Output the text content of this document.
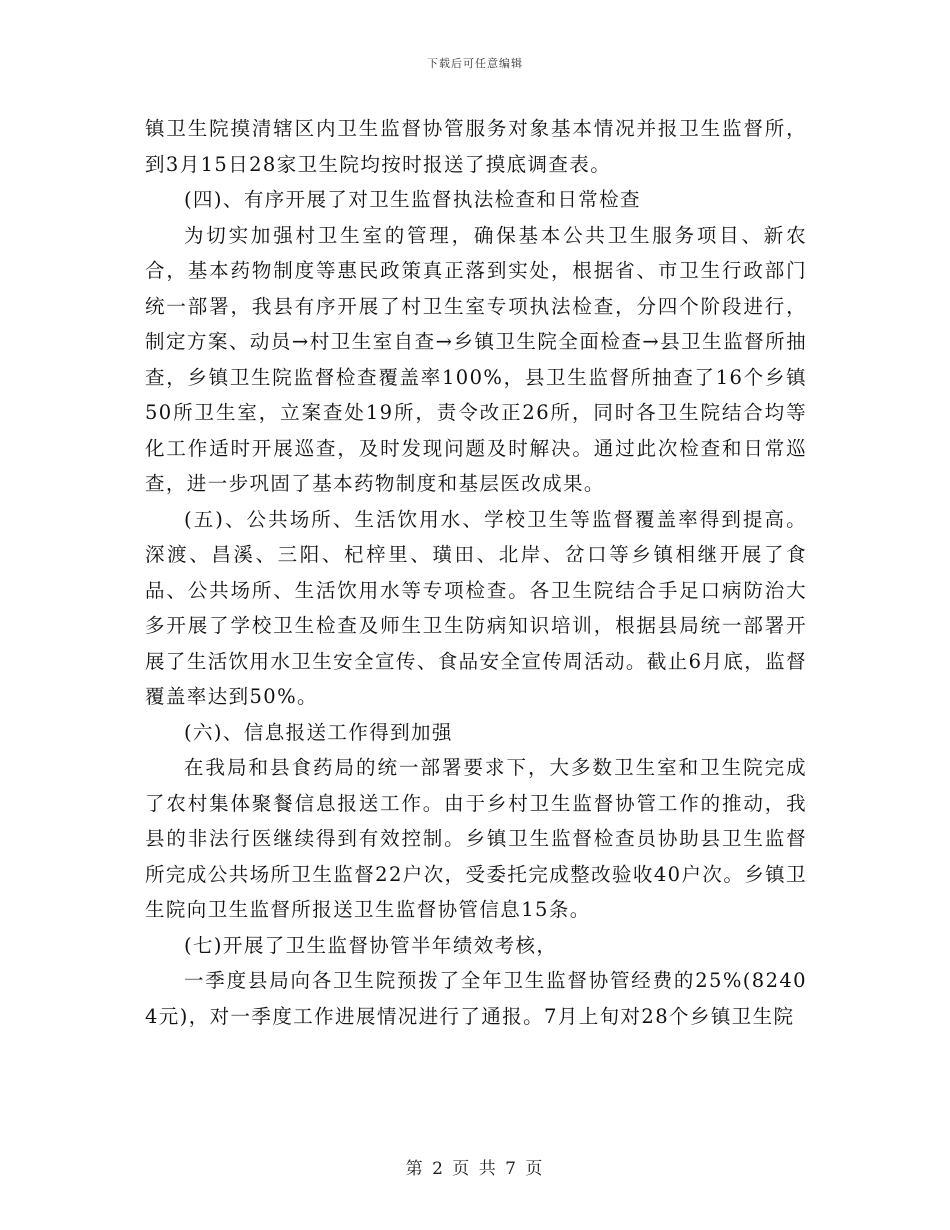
下载后可任意编辑

镇卫生院摸清辖区内卫生监督协管服务对象基本情况并报卫生监督所，到3月15日28家卫生院均按时报送了摸底调查表。

(四)、有序开展了对卫生监督执法检查和日常检查

为切实加强村卫生室的管理，确保基本公共卫生服务项目、新农合，基本药物制度等惠民政策真正落到实处，根据省、市卫生行政部门统一部署，我县有序开展了村卫生室专项执法检查，分四个阶段进行，制定方案、动员→村卫生室自查→乡镇卫生院全面检查→县卫生监督所抽查，乡镇卫生院监督检查覆盖率100%，县卫生监督所抽查了16个乡镇50所卫生室，立案查处19所，责令改正26所，同时各卫生院结合均等化工作适时开展巡查，及时发现问题及时解决。通过此次检查和日常巡查，进一步巩固了基本药物制度和基层医改成果。

(五)、公共场所、生活饮用水、学校卫生等监督覆盖率得到提高。深渡、昌溪、三阳、杞梓里、璜田、北岸、岔口等乡镇相继开展了食品、公共场所、生活饮用水等专项检查。各卫生院结合手足口病防治大多开展了学校卫生检查及师生卫生防病知识培训，根据县局统一部署开展了生活饮用水卫生安全宣传、食品安全宣传周活动。截止6月底，监督覆盖率达到50%。

(六)、信息报送工作得到加强

在我局和县食药局的统一部署要求下，大多数卫生室和卫生院完成了农村集体聚餐信息报送工作。由于乡村卫生监督协管工作的推动，我县的非法行医继续得到有效控制。乡镇卫生监督检查员协助县卫生监督所完成公共场所卫生监督22户次，受委托完成整改验收40户次。乡镇卫生院向卫生监督所报送卫生监督协管信息15条。

(七)开展了卫生监督协管半年绩效考核，

一季度县局向各卫生院预拨了全年卫生监督协管经费的25%(82404元)，对一季度工作进展情况进行了通报。7月上旬对28个乡镇卫生院

第 2 页 共 7 页
